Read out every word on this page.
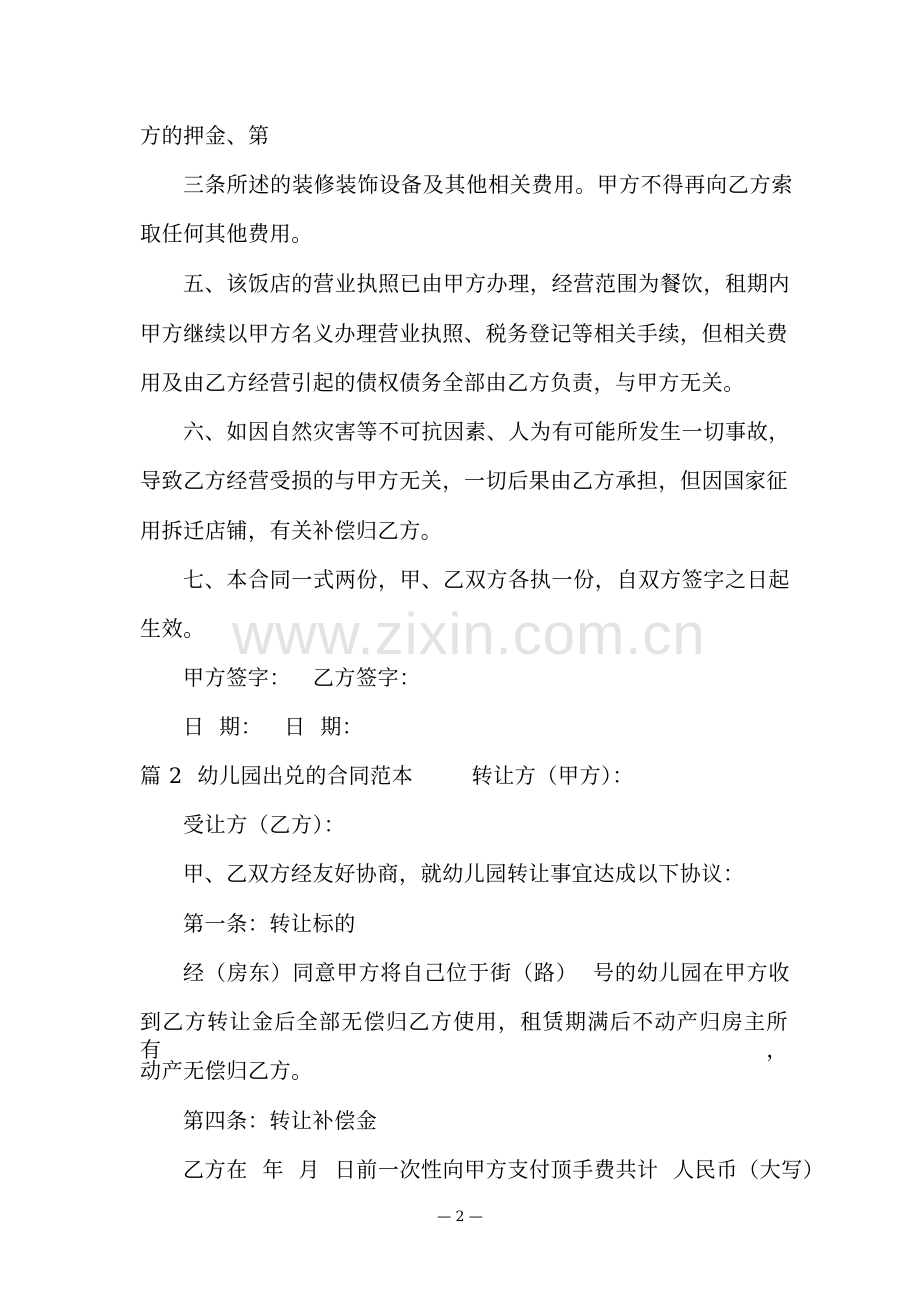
方的押金、第
三条所述的装修装饰设备及其他相关费用。甲方不得再向乙方索
取任何其他费用。
五、该饭店的营业执照已由甲方办理，经营范围为餐饮，租期内
甲方继续以甲方名义办理营业执照、税务登记等相关手续，但相关费
用及由乙方经营引起的债权债务全部由乙方负责，与甲方无关。
六、如因自然灾害等不可抗因素、人为有可能所发生一切事故，
导致乙方经营受损的与甲方无关，一切后果由乙方承担，但因国家征
用拆迁店铺，有关补偿归乙方。
七、本合同一式两份，甲、乙双方各执一份，自双方签字之日起
生效。
甲方签字：   乙方签字：
日  期：   日  期：
篇 2  幼儿园出兑的合同范本        转让方（甲方）：
受让方（乙方）：
甲、乙双方经友好协商，就幼儿园转让事宜达成以下协议：
第一条：转让标的
经（房东）同意甲方将自己位于街（路）  号的幼儿园在甲方收
到乙方转让金后全部无偿归乙方使用，租赁期满后不动产归房主所有，
动产无偿归乙方。
第四条：转让补偿金
乙方在  年  月  日前一次性向甲方支付顶手费共计  人民币（大写）
www.zixin.com.cn
— 2 —
